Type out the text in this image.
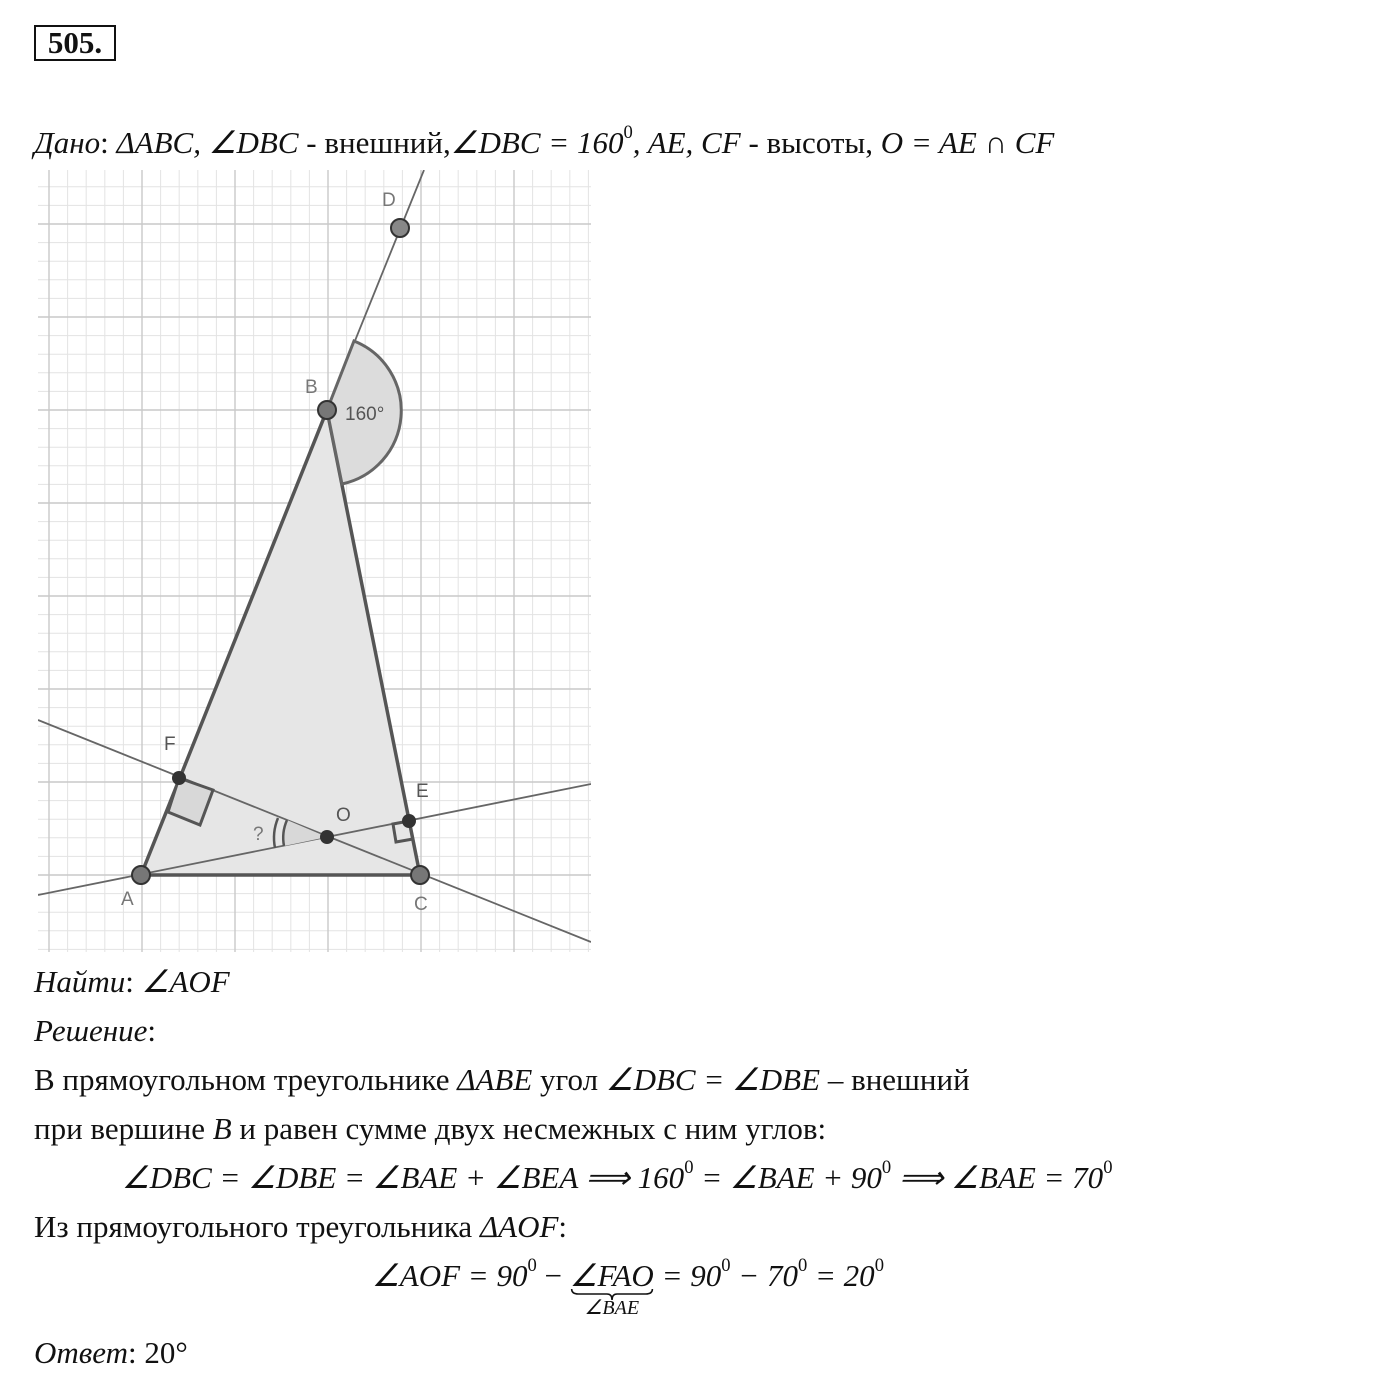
505.
Дано: ΔABC, ∠DBC - внешний,∠DBC = $160^0$, AE, CF - высоты, O = AE ∩ CF
D
B
160°
F
E
O
?
A	C
Найти: ∠AOF
Решение:
В прямоугольном треугольнике ΔABE угол ∠DBC = ∠DBE – внешний
при вершине B и равен сумме двух несмежных с ним углов:
∠DBC = ∠DBE = ∠BAE + ∠BEA ⟹ $160^0$ = ∠BAE + $90^0$ ⟹ ∠BAE = $70^0$
Из прямоугольного треугольника ΔAOF:
∠AOF = $90^0$ − ∠FAO
∠BAE
= $90^0 - 70^0 = 20^0$
Ответ: 20°
